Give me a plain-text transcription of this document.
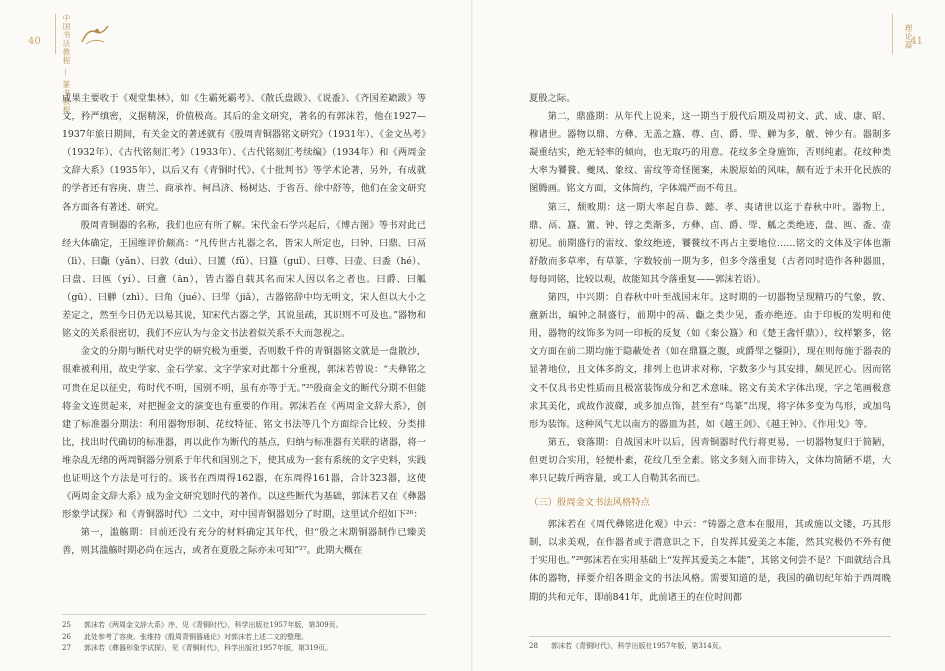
40	中国书法教程 — 篆书教程

成果主要收于《观堂集林》，如《生霸死霸考》、《散氏盘跋》、《说盉》、《齐国差𦉜跋》等文，矜严缜密，义据精深，价值极高。其后的金文研究，著名的有郭沫若，他在1927—1937年旅日期间，有关金文的著述就有《殷周青铜器铭文研究》（1931年）、《金文丛考》（1932年）、《古代铭刻汇考》（1933年）、《古代铭刻汇考续编》（1934年）和《两周金文辞大系》（1935年），以后又有《青铜时代》、《十批判书》等学术论著，另外，有成就的学者还有容庚、唐兰、商承祚、柯昌济、杨树达、于省吾、徐中舒等，他们在金文研究各方面各有著述、研究。

殷周青铜器的名称，我们也应有所了解。宋代金石学兴起后，《博古图》等书对此已经大体确定，王国维评价颇高：“凡传世古礼器之名，皆宋人所定也，曰钟、曰鼎、曰鬲（lì）、曰甗（yǎn）、曰敦（duì）、曰簠（fǔ）、曰簋（guǐ）、曰尊、曰壶、曰盉（hé）、曰盘、曰匜（yí）、曰盦（ān），皆古器自载其名而宋人因以名之者也。曰爵、曰觚（gū）、曰觯（zhì）、曰角（jué）、曰斝（jiǎ），古器铭辞中均无明文，宋人但以大小之差定之，然至今日仍无以易其说，知宋代古器之学，其说虽疏，其识则不可及也。”器物和铭文的关系很密切，我们不应认为与金文书法着似关系不大而忽视之。

金文的分期与断代对史学的研究极为重要，否则数千件的青铜器铭文就是一盘散沙，很难被利用，故史学家、金石学家、文字学家对此都十分重视，郭沫若曾说：“夫彝铭之可贵在足以征史，苟时代不明，国别不明，虽有亦等于无。”²⁵殷商金文的断代分期不但能将金文连贯起来，对把握金文的演变也有重要的作用。郭沫若在《两周金文辞大系》，创建了标准器分期法：利用器物形制、花纹特征、铭文书法等几个方面综合比较、分类排比，找出时代确切的标准器，再以此作为断代的基点，归纳与标准器有关联的诸器，将一堆杂乱无绪的两周铜器分别系于年代和国别之下，使其成为一套有系统的文字史料，实践也证明这个方法是可行的。该书在西周得162器，在东周得161器，合计323器，这使《两周金文辞大系》成为金文研究划时代的著作。以这些断代为基础，郭沫若又在《彝器形象学试探》和《青铜器时代》二文中，对中国青铜器划分了时期，这里试介绍如下²⁶：

第一，滥觞期：目前还没有充分的材料确定其年代，但“殷之末期铜器制作已臻美善，则其滥觞时期必尚在远古，或者在夏殷之际亦未可知”²⁷。此期大概在

25	郭沫若《两周金文辞大系》序，见《青铜时代》，科学出版社1957年版，第309页。
26	此处参考了容庚、张维持《殷周青铜器通论》对郭沫若上述二文的整理。
27	郭沫若《彝器形象学试探》，见《青铜时代》，科学出版社1957年版，第319页。
41
理论篇

夏殷之际。

第二，鼎盛期：从年代上说来，这一期当于殷代后期及周初文、武、成、康、昭、穆诸世。器物以鼎、方彝、无盖之簋、尊、卣、爵、斝、觯为多，觥、钟少有。器制多凝重结实，绝无轻率的倾向，也无取巧的用意。花纹多全身施饰，否则纯素。花纹种类大率为饕餮、夔凤、象纹、雷纹等奇怪图案，未脱原始的风味，颇有近于未开化民族的图腾画。铭文方面，文体简约，字体端严而不苟且。

第三，颓败期：这一期大率起自恭、懿、孝、夷诸世以迄于春秋中叶。器物上，鼎、鬲、簋、簠、钟、𬭚之类渐多，方彝、卣、爵、斝、觚之类绝迹，盘、匜、盉、壶初见。前期盛行的雷纹、象纹绝迹，饕餮纹不再占主要地位……铭文的文体及字体也渐舒散而多草率，有草篆，字数较前一期为多，但多令落重复（古者同时造作各种器皿，每每同铭，比较以观，故能知其令落重复——郭沫若语）。

第四，中兴期：自春秋中叶至战国末年。这时期的一切器物呈现精巧的气象，敦、盦新出，编钟之制盛行，前期中的鬲、甗之类少见，盉亦绝迹。由于印板的发明和使用，器物的纹饰多为同一印板的反复（如《秦公簋》和《楚王酓忏鼎》），纹样繁多，铭文方面在前二期均施于隐蔽处者（如在鼎簋之腹，或爵斝之鋬阴），现在则每施于器表的显著地位，且文体多韵文，排列上也讲求对称，字数多少与其安排，颇见匠心。因而铭文不仅具书史性质而且极富装饰成分和艺术意味。铭文有美术字体出现，字之笔画极意求其美化，或故作波磔，或多加点饰，甚至有“鸟篆”出现，将字体多变为鸟形，或加鸟形为装饰。这种风气尤以南方的器皿为甚，如《越王剑》、《越王钟》、《作用戈》等。

第五，衰落期：自战国末叶以后，因青铜器时代行将更易，一切器物复归于简陋，但更切合实用，轻便朴素，花纹几至全素。铭文多刻入而非铸入，文体均简陋不堪，大率只记载斤两容量，或工人自勒其名而已。

（三）殷周金文书法风格特点

郭沫若在《周代彝铭进化观》中云：“铸器之意本在服用，其或施以文镂，巧其形制，以求美观，在作器者或于潜意识之下，自发挥其爱美之本能，然其究极仍不外有便于实用也。”²⁸郭沫若在实用基础上“发挥其爱美之本能”，其铭文何尝不是？下面就结合具体的器物，择要介绍各期金文的书法风格。需要知道的是，我国的确切纪年始于西周晚期的共和元年，即前841年，此前诸王的在位时间都

28	郭沫若《青铜时代》，科学出版社1957年版，第314页。
